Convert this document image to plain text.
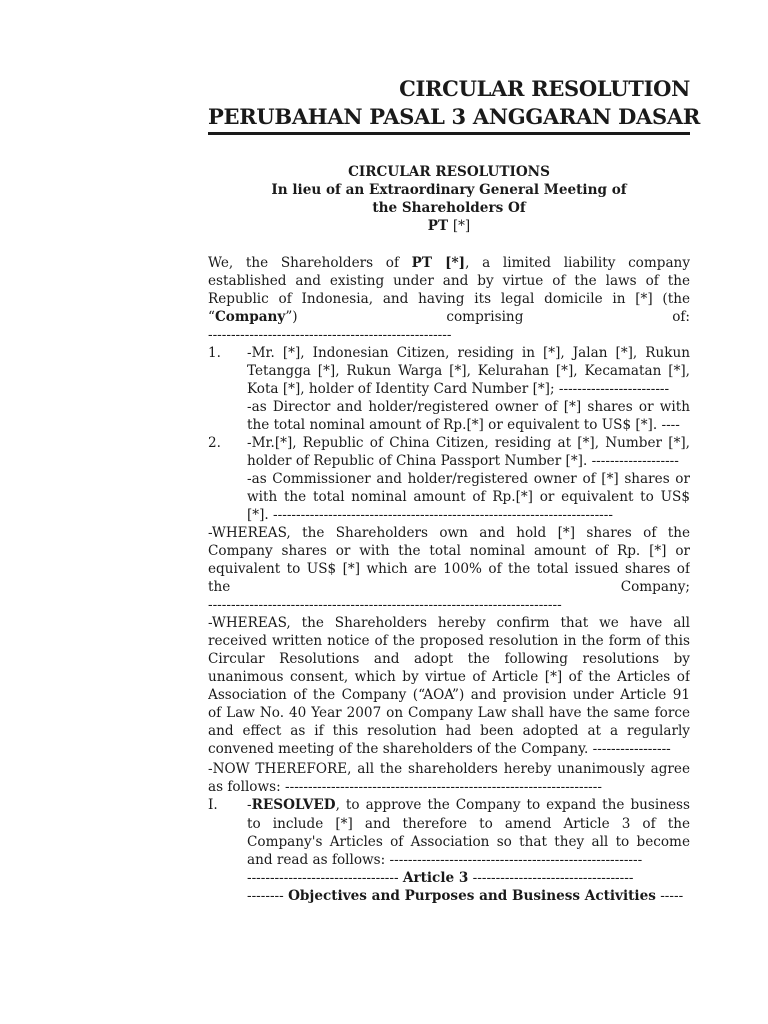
CIRCULAR RESOLUTION
PERUBAHAN PASAL 3 ANGGARAN DASAR
CIRCULAR RESOLUTIONS
In lieu of an Extraordinary General Meeting of
the Shareholders Of
PT [*]
We, the Shareholders of PT [*], a limited liability company
established and existing under and by virtue of the laws of the
Republic of Indonesia, and having its legal domicile in [*] (the
“Company”)	comprising	of:
-----------------------------------------------------
1. -Mr. [*], Indonesian Citizen, residing in [*], Jalan [*], Rukun
Tetangga [*], Rukun Warga [*], Kelurahan [*], Kecamatan [*],
Kota [*], holder of Identity Card Number [*]; ------------------------
-as Director and holder/registered owner of [*] shares or with
the total nominal amount of Rp.[*] or equivalent to US$ [*]. ----
2. -Mr.[*], Republic of China Citizen, residing at [*], Number [*],
holder of Republic of China Passport Number [*]. -------------------
-as Commissioner and holder/registered owner of [*] shares or
with the total nominal amount of Rp.[*] or equivalent to US$
[*]. --------------------------------------------------------------------------
-WHEREAS, the Shareholders own and hold [*] shares of the
Company shares or with the total nominal amount of Rp. [*] or
equivalent to US$ [*] which are 100% of the total issued shares of
the	Company;
-----------------------------------------------------------------------------
-WHEREAS, the Shareholders hereby confirm that we have all
received written notice of the proposed resolution in the form of this
Circular Resolutions and adopt the following resolutions by
unanimous consent, which by virtue of Article [*] of the Articles of
Association of the Company (“AOA”) and provision under Article 91
of Law No. 40 Year 2007 on Company Law shall have the same force
and effect as if this resolution had been adopted at a regularly
convened meeting of the shareholders of the Company. -----------------
-NOW THEREFORE, all the shareholders hereby unanimously agree
as follows: ---------------------------------------------------------------------
I. -RESOLVED, to approve the Company to expand the business
to include [*] and therefore to amend Article 3 of the
Company's Articles of Association so that they all to become
and read as follows: -------------------------------------------------------
--------------------------------- Article 3 -----------------------------------
-------- Objectives and Purposes and Business Activities -----
